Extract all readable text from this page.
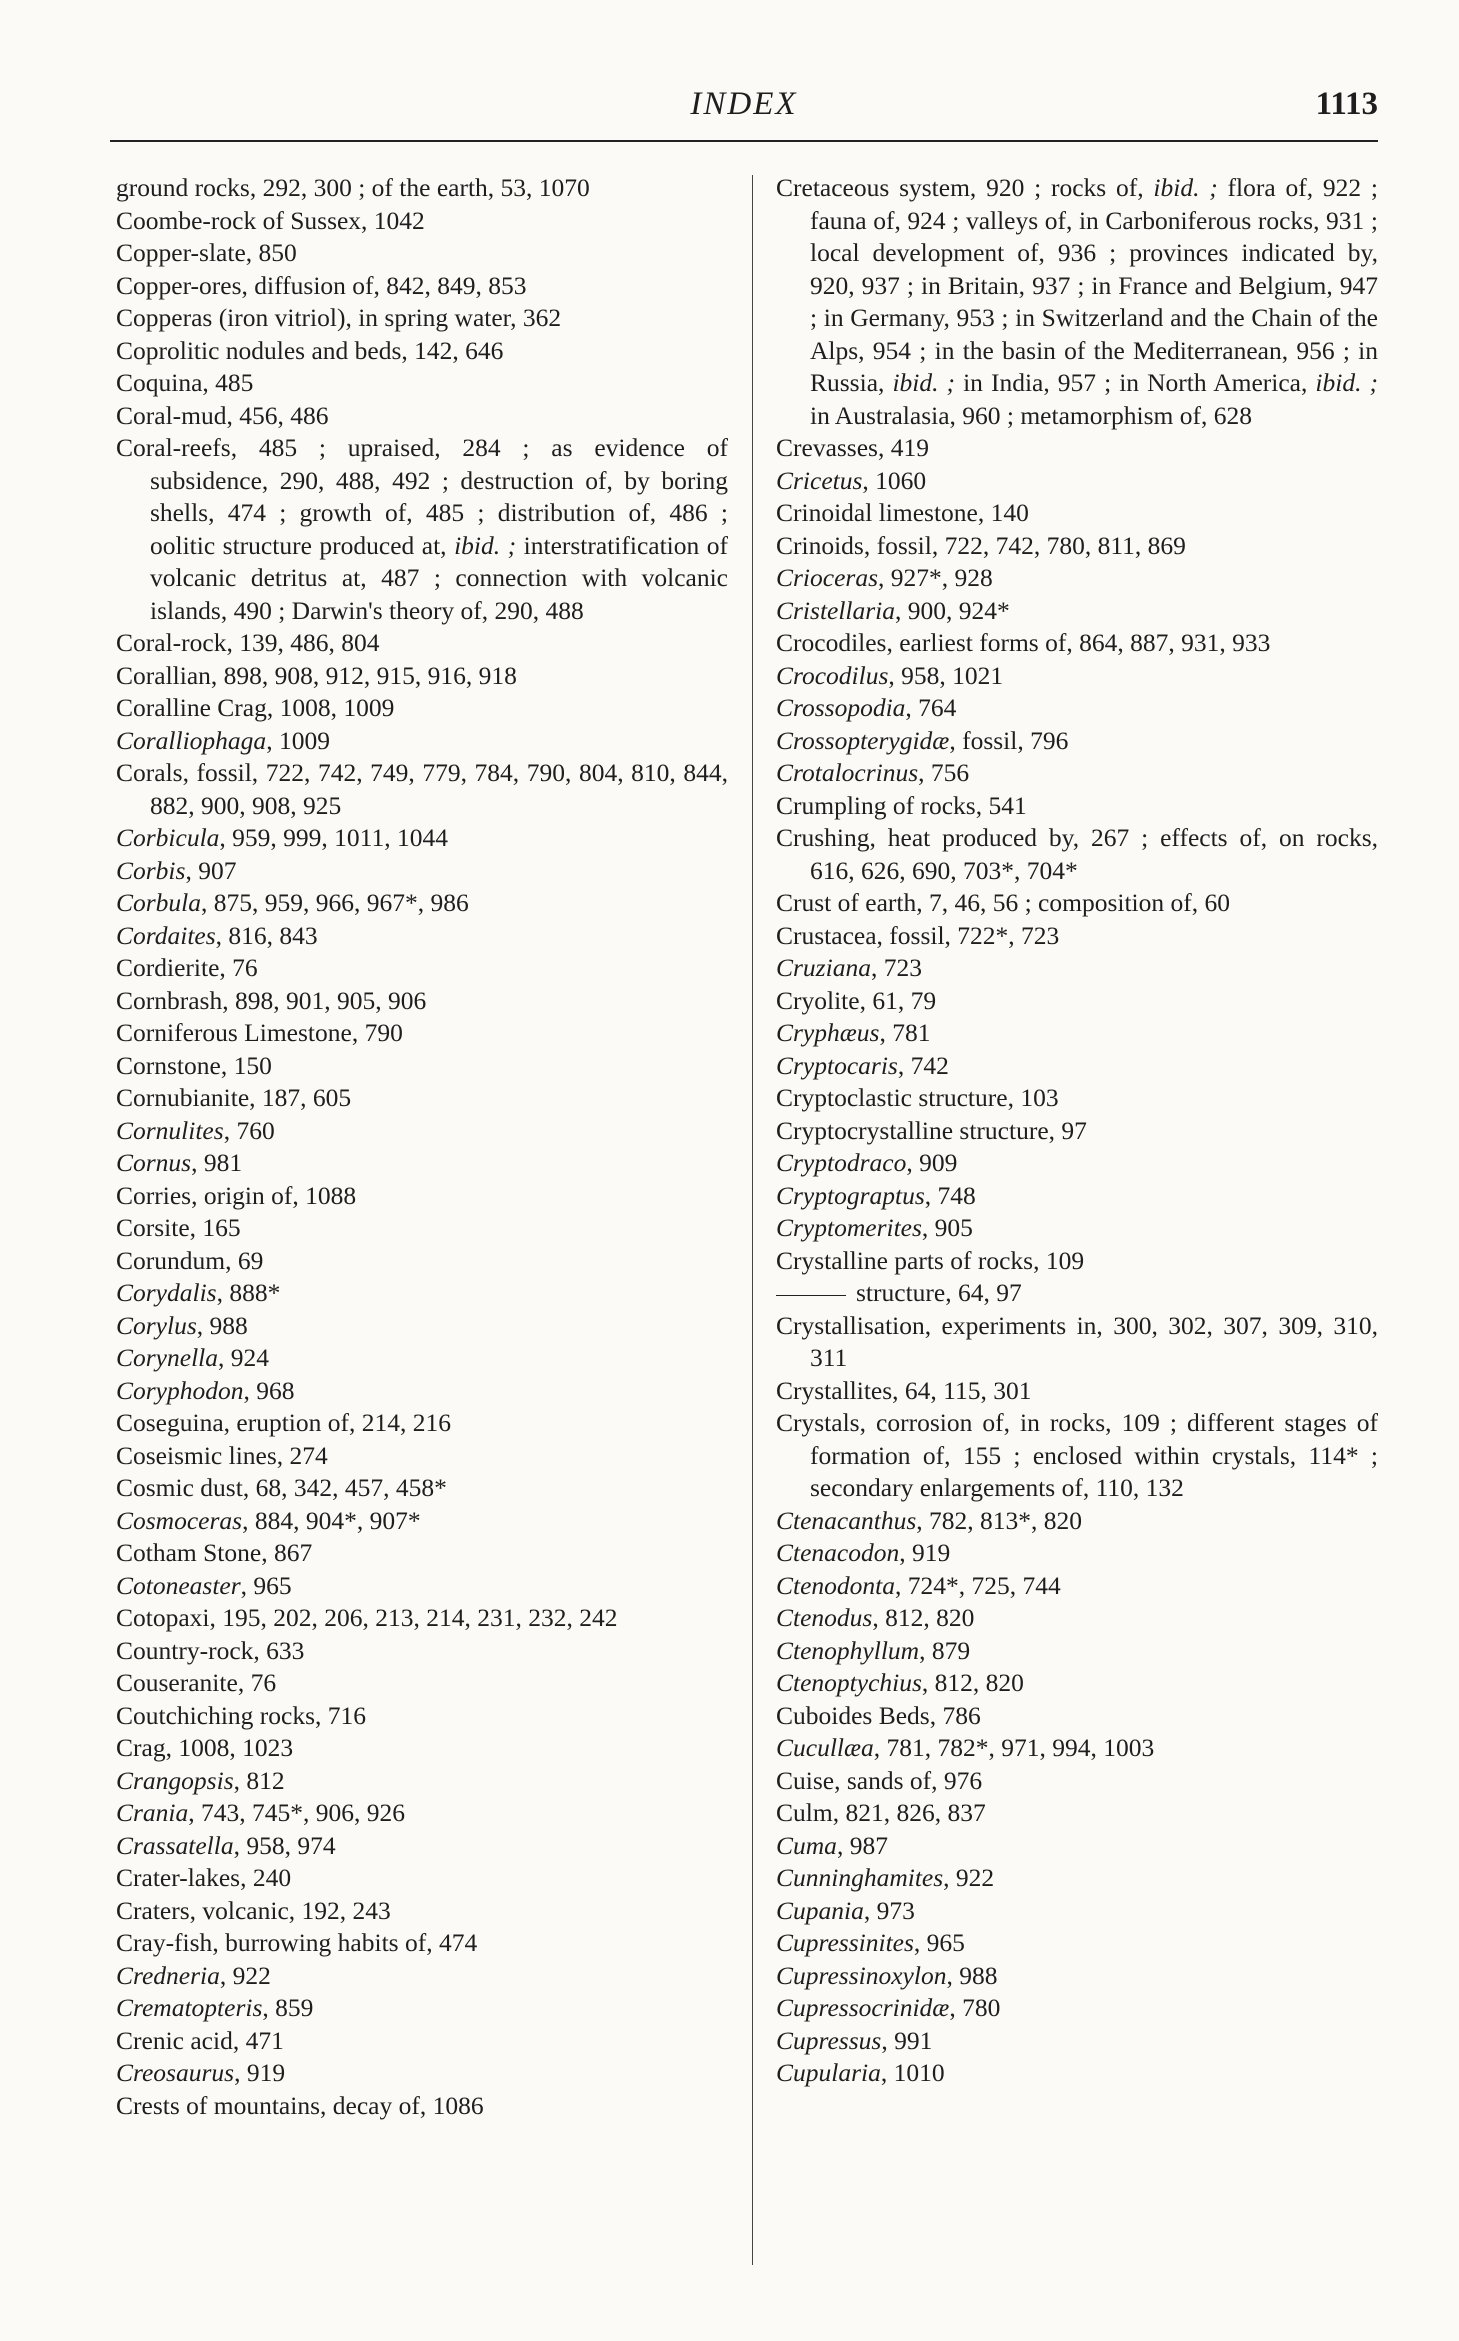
INDEX	1113
ground rocks, 292, 300 ; of the earth, 53, 1070
Coombe-rock of Sussex, 1042
Copper-slate, 850
Copper-ores, diffusion of, 842, 849, 853
Copperas (iron vitriol), in spring water, 362
Coprolitic nodules and beds, 142, 646
Coquina, 485
Coral-mud, 456, 486
Coral-reefs, 485 ; upraised, 284 ; as evidence of subsidence, 290, 488, 492 ; destruction of, by boring shells, 474 ; growth of, 485 ; distribution of, 486 ; oolitic structure produced at, ibid. ; interstratification of volcanic detritus at, 487 ; connection with volcanic islands, 490 ; Darwin's theory of, 290, 488
Coral-rock, 139, 486, 804
Corallian, 898, 908, 912, 915, 916, 918
Coralline Crag, 1008, 1009
Coralliophaga, 1009
Corals, fossil, 722, 742, 749, 779, 784, 790, 804, 810, 844, 882, 900, 908, 925
Corbicula, 959, 999, 1011, 1044
Corbis, 907
Corbula, 875, 959, 966, 967*, 986
Cordaites, 816, 843
Cordierite, 76
Cornbrash, 898, 901, 905, 906
Corniferous Limestone, 790
Cornstone, 150
Cornubianite, 187, 605
Cornulites, 760
Cornus, 981
Corries, origin of, 1088
Corsite, 165
Corundum, 69
Corydalis, 888*
Corylus, 988
Corynella, 924
Coryphodon, 968
Coseguina, eruption of, 214, 216
Coseismic lines, 274
Cosmic dust, 68, 342, 457, 458*
Cosmoceras, 884, 904*, 907*
Cotham Stone, 867
Cotoneaster, 965
Cotopaxi, 195, 202, 206, 213, 214, 231, 232, 242
Country-rock, 633
Couseranite, 76
Coutchiching rocks, 716
Crag, 1008, 1023
Crangopsis, 812
Crania, 743, 745*, 906, 926
Crassatella, 958, 974
Crater-lakes, 240
Craters, volcanic, 192, 243
Cray-fish, burrowing habits of, 474
Credneria, 922
Crematopteris, 859
Crenic acid, 471
Creosaurus, 919
Crests of mountains, decay of, 1086
Cretaceous system, 920 ; rocks of, ibid. ; flora of, 922 ; fauna of, 924 ; valleys of, in Carboniferous rocks, 931 ; local development of, 936 ; provinces indicated by, 920, 937 ; in Britain, 937 ; in France and Belgium, 947 ; in Germany, 953 ; in Switzerland and the Chain of the Alps, 954 ; in the basin of the Mediterranean, 956 ; in Russia, ibid. ; in India, 957 ; in North America, ibid. ; in Australasia, 960 ; metamorphism of, 628
Crevasses, 419
Cricetus, 1060
Crinoidal limestone, 140
Crinoids, fossil, 722, 742, 780, 811, 869
Crioceras, 927*, 928
Cristellaria, 900, 924*
Crocodiles, earliest forms of, 864, 887, 931, 933
Crocodilus, 958, 1021
Crossopodia, 764
Crossopterygidæ, fossil, 796
Crotalocrinus, 756
Crumpling of rocks, 541
Crushing, heat produced by, 267 ; effects of, on rocks, 616, 626, 690, 703*, 704*
Crust of earth, 7, 46, 56 ; composition of, 60
Crustacea, fossil, 722*, 723
Cruziana, 723
Cryolite, 61, 79
Cryphæus, 781
Cryptocaris, 742
Cryptoclastic structure, 103
Cryptocrystalline structure, 97
Cryptodraco, 909
Cryptograptus, 748
Cryptomerites, 905
Crystalline parts of rocks, 109
structure, 64, 97
Crystallisation, experiments in, 300, 302, 307, 309, 310, 311
Crystallites, 64, 115, 301
Crystals, corrosion of, in rocks, 109 ; different stages of formation of, 155 ; enclosed within crystals, 114* ; secondary enlargements of, 110, 132
Ctenacanthus, 782, 813*, 820
Ctenacodon, 919
Ctenodonta, 724*, 725, 744
Ctenodus, 812, 820
Ctenophyllum, 879
Ctenoptychius, 812, 820
Cuboides Beds, 786
Cucullæa, 781, 782*, 971, 994, 1003
Cuise, sands of, 976
Culm, 821, 826, 837
Cuma, 987
Cunninghamites, 922
Cupania, 973
Cupressinites, 965
Cupressinoxylon, 988
Cupressocrinidæ, 780
Cupressus, 991
Cupularia, 1010
